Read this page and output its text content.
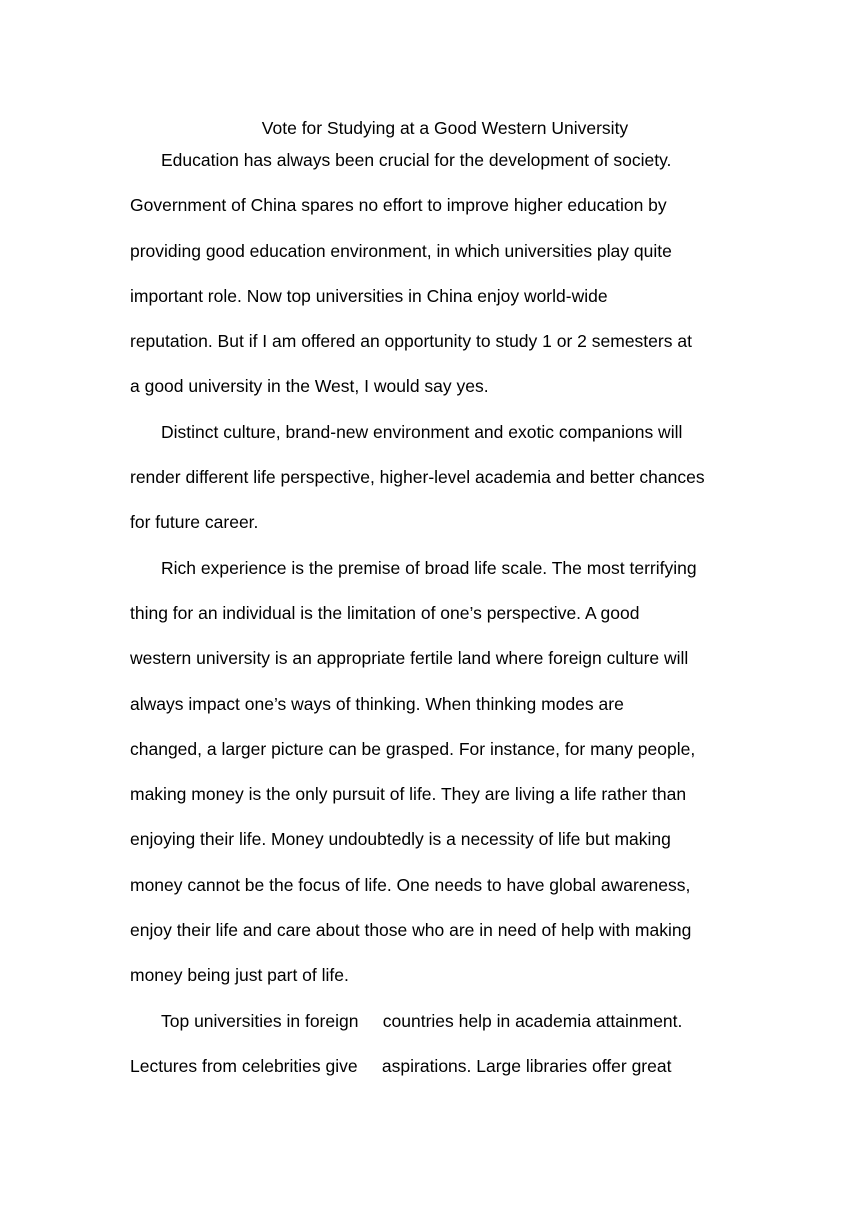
Vote for Studying at a Good Western University
Education has always been crucial for the development of society.
Government of China spares no effort to improve higher education by
providing good education environment, in which universities play quite
important role. Now top universities in China enjoy world-wide
reputation. But if I am offered an opportunity to study 1 or 2 semesters at
a good university in the West, I would say yes.
Distinct culture, brand-new environment and exotic companions will
render different life perspective, higher-level academia and better chances
for future career.
Rich experience is the premise of broad life scale. The most terrifying
thing for an individual is the limitation of one’s perspective. A good
western university is an appropriate fertile land where foreign culture will
always impact one’s ways of thinking. When thinking modes are
changed, a larger picture can be grasped. For instance, for many people,
making money is the only pursuit of life. They are living a life rather than
enjoying their life. Money undoubtedly is a necessity of life but making
money cannot be the focus of life. One needs to have global awareness,
enjoy their life and care about those who are in need of help with making
money being just part of life.
Top universities in foreign     countries help in academia attainment.
Lectures from celebrities give     aspirations. Large libraries offer great
